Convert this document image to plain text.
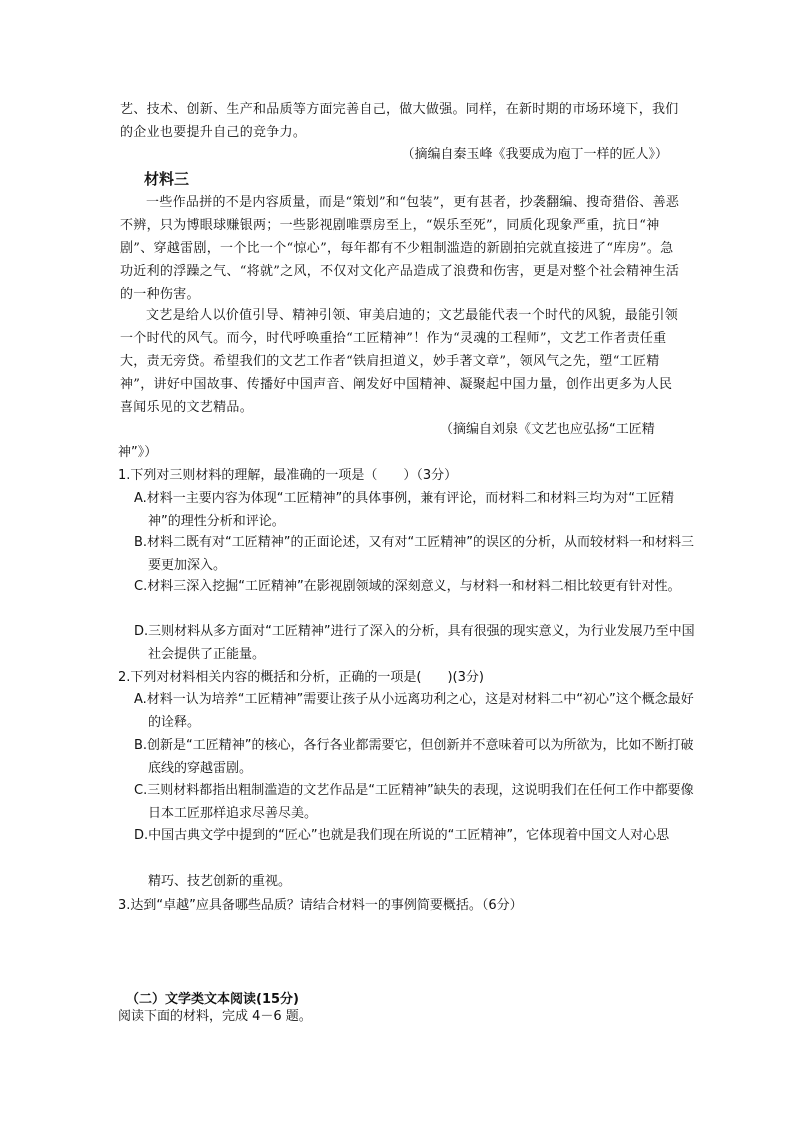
艺、技术、创新、生产和品质等方面完善自己，做大做强。同样，在新时期的市场环境下，我们的企业也要提升自己的竞争力。

（摘编自秦玉峰《我要成为庖丁一样的匠人》）

材料三

一些作品拼的不是内容质量，而是“策划”和“包装”，更有甚者，抄袭翻编、搜奇猎俗、善恶不辨，只为博眼球赚银两；一些影视剧唯票房至上，“娱乐至死”，同质化现象严重，抗日“神剧”、穿越雷剧，一个比一个“惊心”，每年都有不少粗制滥造的新剧拍完就直接进了“库房”。急功近利的浮躁之气、“将就”之风，不仅对文化产品造成了浪费和伤害，更是对整个社会精神生活的一种伤害。

文艺是给人以价值引导、精神引领、审美启迪的；文艺最能代表一个时代的风貌，最能引领一个时代的风气。而今，时代呼唤重拾“工匠精神”！作为“灵魂的工程师”，文艺工作者责任重大，责无旁贷。希望我们的文艺工作者“铁肩担道义，妙手著文章”，领风气之先，塑“工匠精神”，讲好中国故事、传播好中国声音、阐发好中国精神、凝聚起中国力量，创作出更多为人民喜闻乐见的文艺精品。

（摘编自刘泉《文艺也应弘扬“工匠精

神”》）

1.下列对三则材料的理解，最准确的一项是（　　）（3分）

A.材料一主要内容为体现“工匠精神”的具体事例，兼有评论，而材料二和材料三均为对“工匠精神”的理性分析和评论。

B.材料二既有对“工匠精神”的正面论述，又有对“工匠精神”的误区的分析，从而较材料一和材料三要更加深入。

C.材料三深入挖掘“工匠精神”在影视剧领域的深刻意义，与材料一和材料二相比较更有针对性。

D.三则材料从多方面对“工匠精神”进行了深入的分析，具有很强的现实意义，为行业发展乃至中国社会提供了正能量。

2.下列对材料相关内容的概括和分析，正确的一项是(　　)(3分)

A.材料一认为培养“工匠精神”需要让孩子从小远离功利之心，这是对材料二中“初心”这个概念最好的诠释。

B.创新是“工匠精神”的核心，各行各业都需要它，但创新并不意味着可以为所欲为，比如不断打破底线的穿越雷剧。

C.三则材料都指出粗制滥造的文艺作品是“工匠精神”缺失的表现，这说明我们在任何工作中都要像日本工匠那样追求尽善尽美。

D.中国古典文学中提到的“匠心”也就是我们现在所说的“工匠精神”，它体现着中国文人对心思

精巧、技艺创新的重视。

3.达到“卓越”应具备哪些品质？请结合材料一的事例简要概括。（6分）

（二）文学类文本阅读(15分)

阅读下面的材料，完成 4－6 题。
